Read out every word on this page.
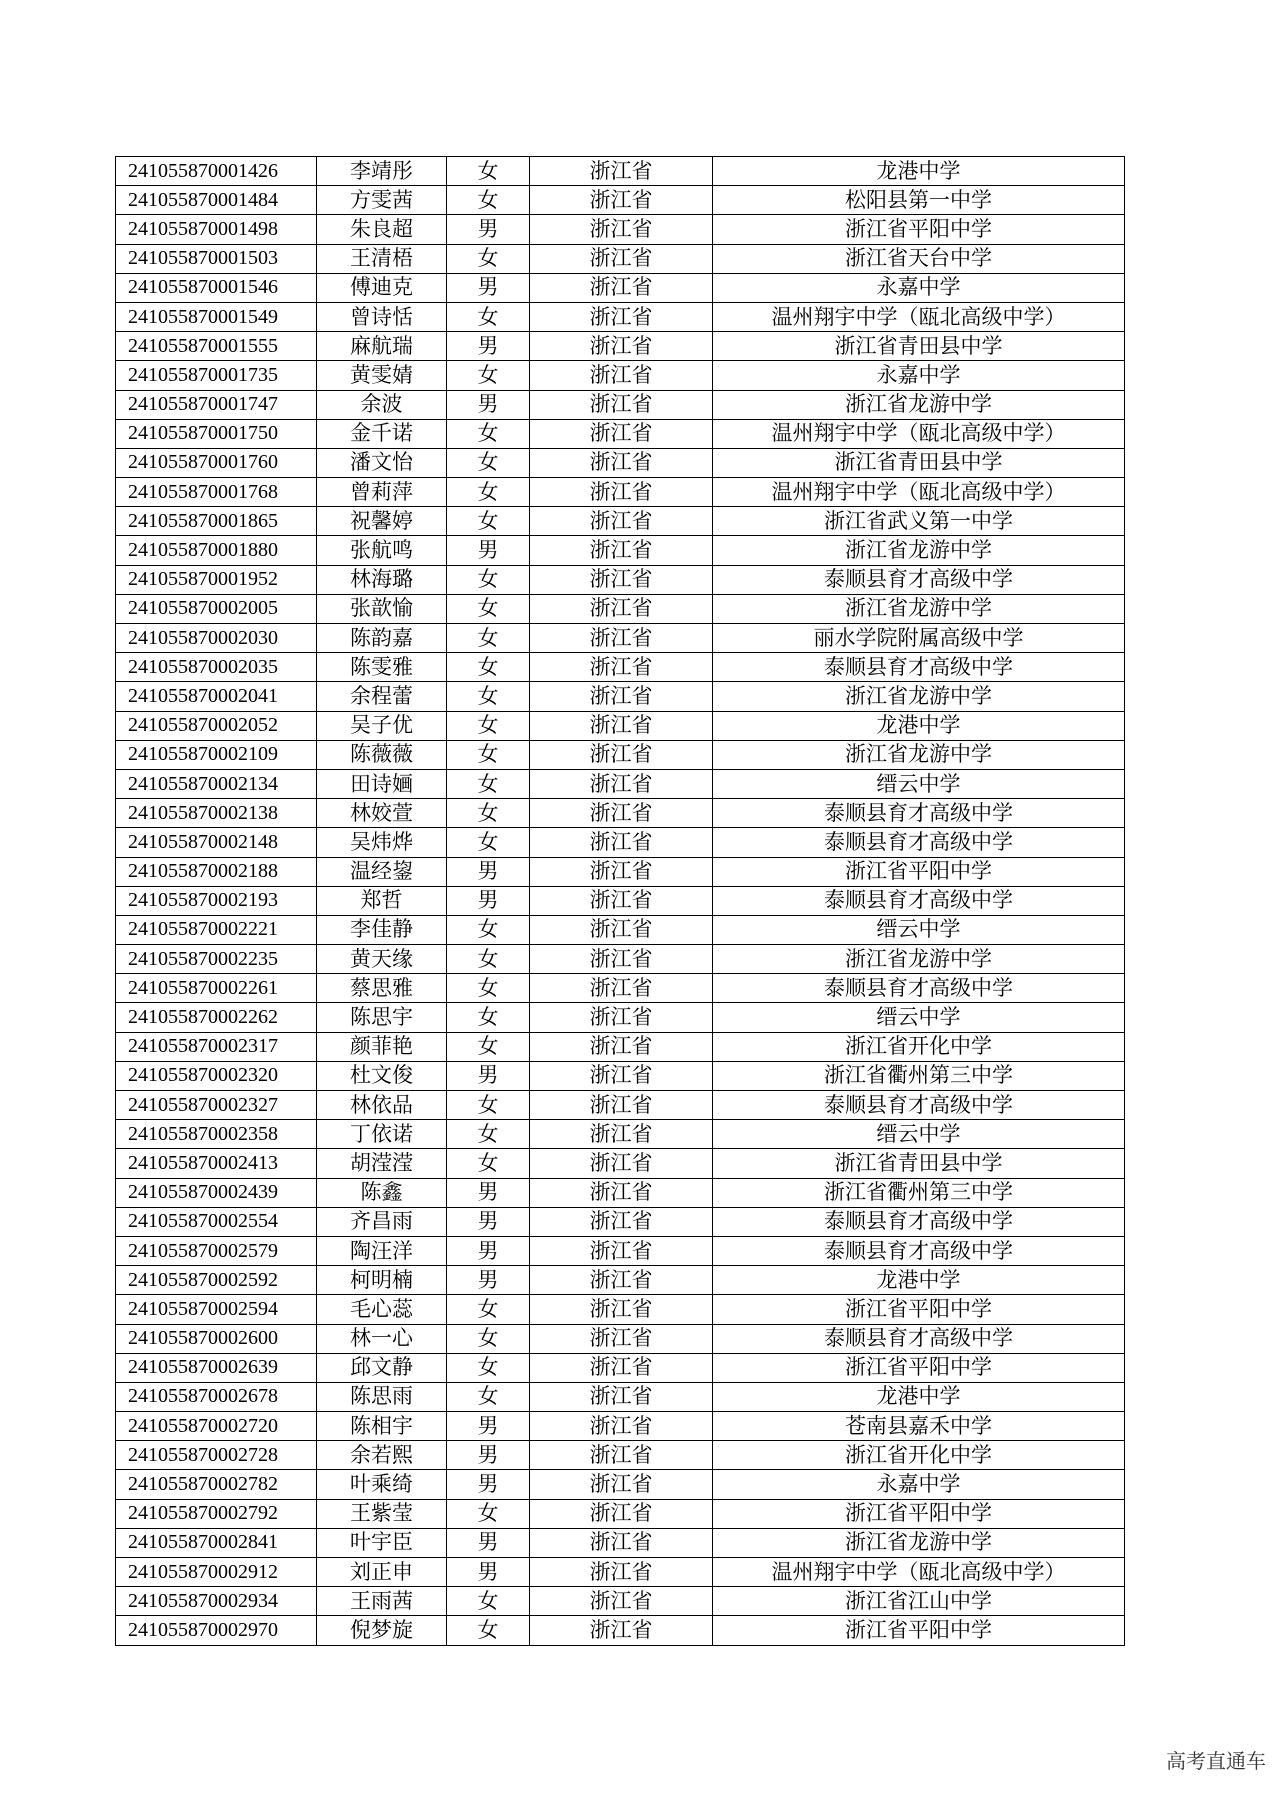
241055870001426	李靖彤	女	浙江省	龙港中学
241055870001484	方雯茜	女	浙江省	松阳县第一中学
241055870001498	朱良超	男	浙江省	浙江省平阳中学
241055870001503	王清梧	女	浙江省	浙江省天台中学
241055870001546	傅迪克	男	浙江省	永嘉中学
241055870001549	曾诗恬	女	浙江省	温州翔宇中学（瓯北高级中学）
241055870001555	麻航瑞	男	浙江省	浙江省青田县中学
241055870001735	黄雯婧	女	浙江省	永嘉中学
241055870001747	余波	男	浙江省	浙江省龙游中学
241055870001750	金千诺	女	浙江省	温州翔宇中学（瓯北高级中学）
241055870001760	潘文怡	女	浙江省	浙江省青田县中学
241055870001768	曾莉萍	女	浙江省	温州翔宇中学（瓯北高级中学）
241055870001865	祝馨婷	女	浙江省	浙江省武义第一中学
241055870001880	张航鸣	男	浙江省	浙江省龙游中学
241055870001952	林海璐	女	浙江省	泰顺县育才高级中学
241055870002005	张歆愉	女	浙江省	浙江省龙游中学
241055870002030	陈韵嘉	女	浙江省	丽水学院附属高级中学
241055870002035	陈雯雅	女	浙江省	泰顺县育才高级中学
241055870002041	余程蕾	女	浙江省	浙江省龙游中学
241055870002052	吴子优	女	浙江省	龙港中学
241055870002109	陈薇薇	女	浙江省	浙江省龙游中学
241055870002134	田诗婳	女	浙江省	缙云中学
241055870002138	林姣萱	女	浙江省	泰顺县育才高级中学
241055870002148	吴炜烨	女	浙江省	泰顺县育才高级中学
241055870002188	温经鋆	男	浙江省	浙江省平阳中学
241055870002193	郑哲	男	浙江省	泰顺县育才高级中学
241055870002221	李佳静	女	浙江省	缙云中学
241055870002235	黄天缘	女	浙江省	浙江省龙游中学
241055870002261	蔡思雅	女	浙江省	泰顺县育才高级中学
241055870002262	陈思宇	女	浙江省	缙云中学
241055870002317	颜菲艳	女	浙江省	浙江省开化中学
241055870002320	杜文俊	男	浙江省	浙江省衢州第三中学
241055870002327	林依品	女	浙江省	泰顺县育才高级中学
241055870002358	丁依诺	女	浙江省	缙云中学
241055870002413	胡滢滢	女	浙江省	浙江省青田县中学
241055870002439	陈鑫	男	浙江省	浙江省衢州第三中学
241055870002554	齐昌雨	男	浙江省	泰顺县育才高级中学
241055870002579	陶汪洋	男	浙江省	泰顺县育才高级中学
241055870002592	柯明楠	男	浙江省	龙港中学
241055870002594	毛心蕊	女	浙江省	浙江省平阳中学
241055870002600	林一心	女	浙江省	泰顺县育才高级中学
241055870002639	邱文静	女	浙江省	浙江省平阳中学
241055870002678	陈思雨	女	浙江省	龙港中学
241055870002720	陈相宇	男	浙江省	苍南县嘉禾中学
241055870002728	余若熙	男	浙江省	浙江省开化中学
241055870002782	叶乘绮	男	浙江省	永嘉中学
241055870002792	王紫莹	女	浙江省	浙江省平阳中学
241055870002841	叶宇臣	男	浙江省	浙江省龙游中学
241055870002912	刘正申	男	浙江省	温州翔宇中学（瓯北高级中学）
241055870002934	王雨茜	女	浙江省	浙江省江山中学
241055870002970	倪梦旋	女	浙江省	浙江省平阳中学
高考直通车
